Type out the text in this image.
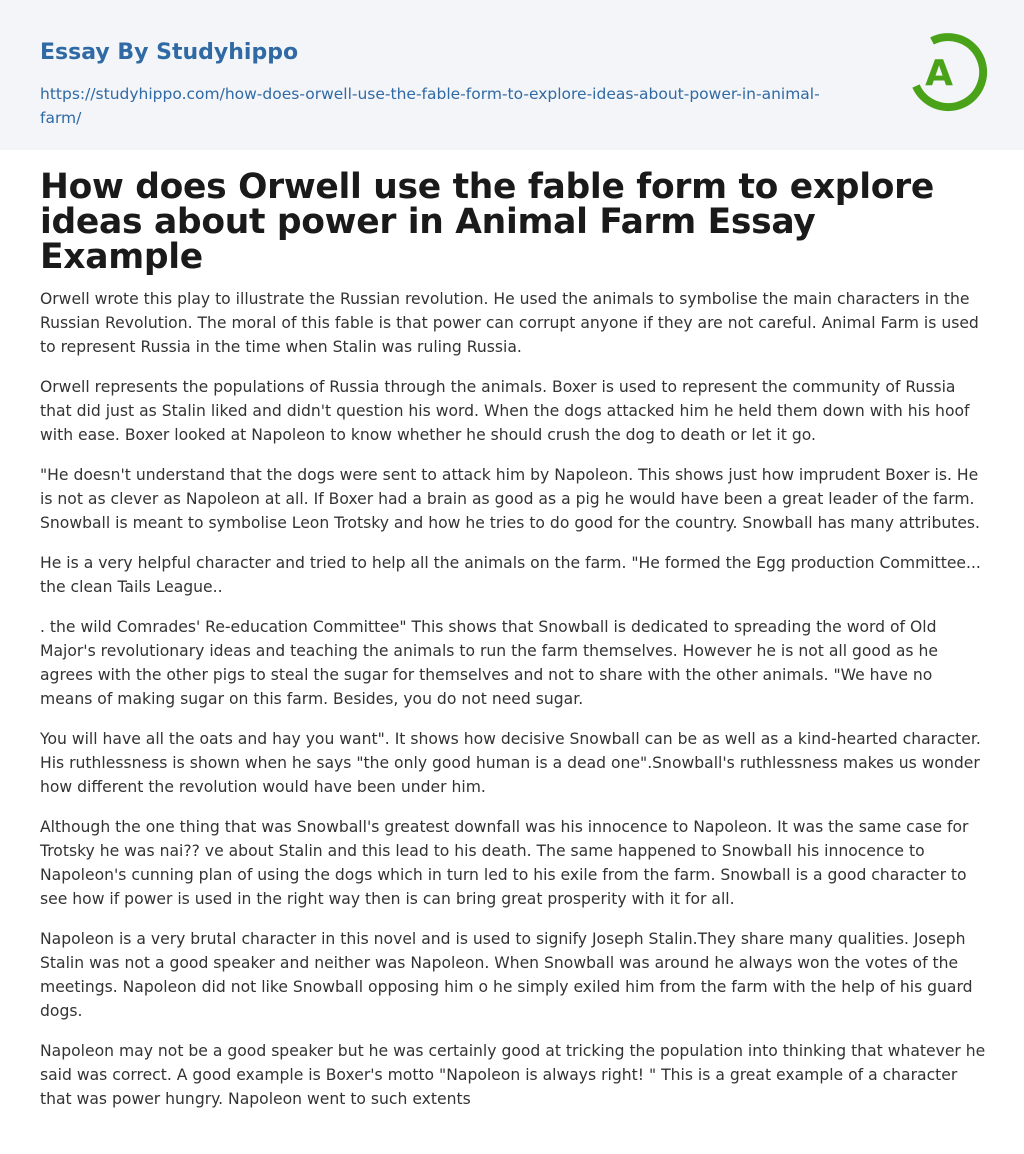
Essay By Studyhippo
https://studyhippo.com/how-does-orwell-use-the-fable-form-to-explore-ideas-about-power-in-animal-farm/
A
How does Orwell use the fable form to explore ideas about power in Animal Farm Essay Example

Orwell wrote this play to illustrate the Russian revolution. He used the animals to symbolise the main characters in the Russian Revolution. The moral of this fable is that power can corrupt anyone if they are not careful. Animal Farm is used to represent Russia in the time when Stalin was ruling Russia.

Orwell represents the populations of Russia through the animals. Boxer is used to represent the community of Russia that did just as Stalin liked and didn't question his word. When the dogs attacked him he held them down with his hoof with ease. Boxer looked at Napoleon to know whether he should crush the dog to death or let it go.

"He doesn't understand that the dogs were sent to attack him by Napoleon. This shows just how imprudent Boxer is. He is not as clever as Napoleon at all. If Boxer had a brain as good as a pig he would have been a great leader of the farm. Snowball is meant to symbolise Leon Trotsky and how he tries to do good for the country. Snowball has many attributes.

He is a very helpful character and tried to help all the animals on the farm. "He formed the Egg production Committee... the clean Tails League..

. the wild Comrades' Re-education Committee" This shows that Snowball is dedicated to spreading the word of Old Major's revolutionary ideas and teaching the animals to run the farm themselves. However he is not all good as he agrees with the other pigs to steal the sugar for themselves and not to share with the other animals. "We have no means of making sugar on this farm. Besides, you do not need sugar.

You will have all the oats and hay you want". It shows how decisive Snowball can be as well as a kind-hearted character. His ruthlessness is shown when he says "the only good human is a dead one".Snowball's ruthlessness makes us wonder how different the revolution would have been under him.

Although the one thing that was Snowball's greatest downfall was his innocence to Napoleon. It was the same case for Trotsky he was nai?? ve about Stalin and this lead to his death. The same happened to Snowball his innocence to Napoleon's cunning plan of using the dogs which in turn led to his exile from the farm. Snowball is a good character to see how if power is used in the right way then is can bring great prosperity with it for all.

Napoleon is a very brutal character in this novel and is used to signify Joseph Stalin.They share many qualities. Joseph Stalin was not a good speaker and neither was Napoleon. When Snowball was around he always won the votes of the meetings. Napoleon did not like Snowball opposing him o he simply exiled him from the farm with the help of his guard dogs.

Napoleon may not be a good speaker but he was certainly good at tricking the population into thinking that whatever he said was correct. A good example is Boxer's motto "Napoleon is always right! " This is a great example of a character that was power hungry. Napoleon went to such extents
